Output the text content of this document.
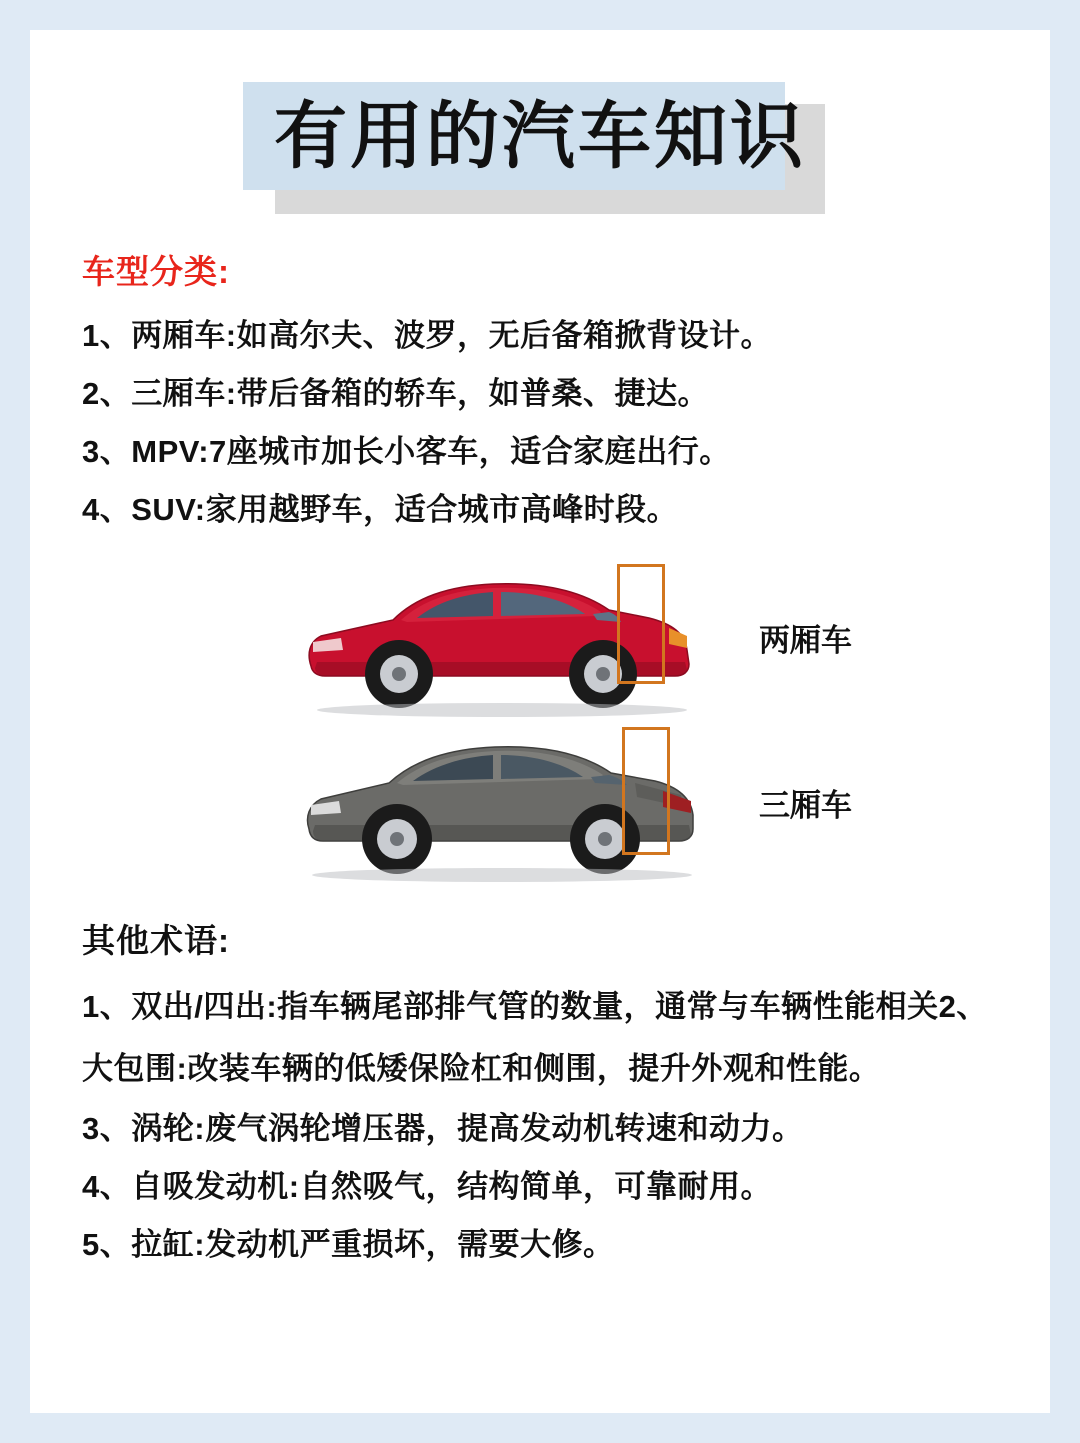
有用的汽车知识
车型分类:
1、两厢车:如高尔夫、波罗，无后备箱掀背设计。
2、三厢车:带后备箱的轿车，如普桑、捷达。
3、MPV:7座城市加长小客车，适合家庭出行。
4、SUV:家用越野车，适合城市高峰时段。
两厢车
三厢车
其他术语:
1、双出/四出:指车辆尾部排气管的数量，通常与车辆性能相关2、大包围:改装车辆的低矮保险杠和侧围，提升外观和性能。
3、涡轮:废气涡轮增压器，提高发动机转速和动力。
4、自吸发动机:自然吸气，结构简单，可靠耐用。
5、拉缸:发动机严重损坏，需要大修。
